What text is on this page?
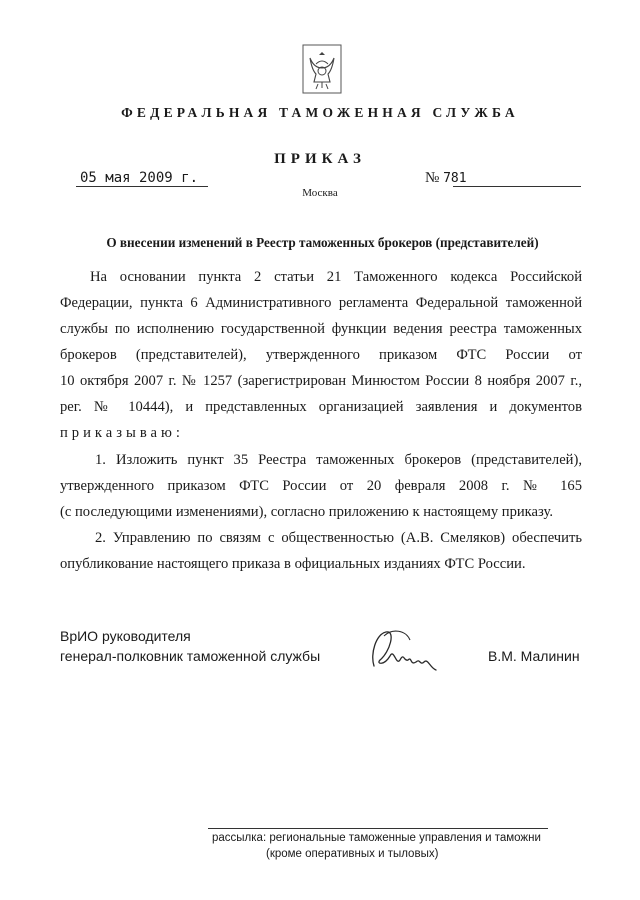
ФЕДЕРАЛЬНАЯ ТАМОЖЕННАЯ СЛУЖБА
ПРИКАЗ
05 мая 2009 г.	№ 781
Москва
О внесении изменений в Реестр таможенных брокеров (представителей)
На основании пункта 2 статьи 21 Таможенного кодекса Российской
Федерации, пункта 6 Административного регламента Федеральной таможенной
службы по исполнению государственной функции ведения реестра таможенных
брокеров (представителей), утвержденного приказом ФТС России от
10 октября 2007 г. № 1257 (зарегистрирован Минюстом России 8 ноября 2007 г.,
рег. № 10444), и представленных организацией заявления и документов
приказываю:
1. Изложить пункт 35 Реестра таможенных брокеров (представителей),
утвержденного приказом ФТС России от 20 февраля 2008 г. № 165
(с последующими изменениями), согласно приложению к настоящему приказу.
2. Управлению по связям с общественностью (А.В. Смеляков) обеспечить
опубликование настоящего приказа в официальных изданиях ФТС России.
ВрИО руководителя
генерал-полковник таможенной службы	В.М. Малинин
рассылка: региональные таможенные управления и таможни
(кроме оперативных и тыловых)
